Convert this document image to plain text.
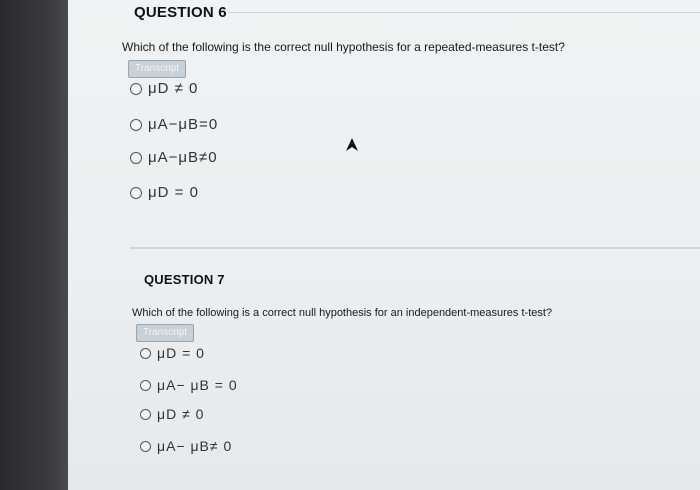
QUESTION 6
Which of the following is the correct null hypothesis for a repeated-measures t-test?
Transcript
μD ≠ 0
μA−μB=0
μA−μB≠0
μD = 0
QUESTION 7
Which of the following is a correct null hypothesis for an independent-measures t-test?
Transcript
μD = 0
μA− μB = 0
μD ≠ 0
μA− μB≠ 0
